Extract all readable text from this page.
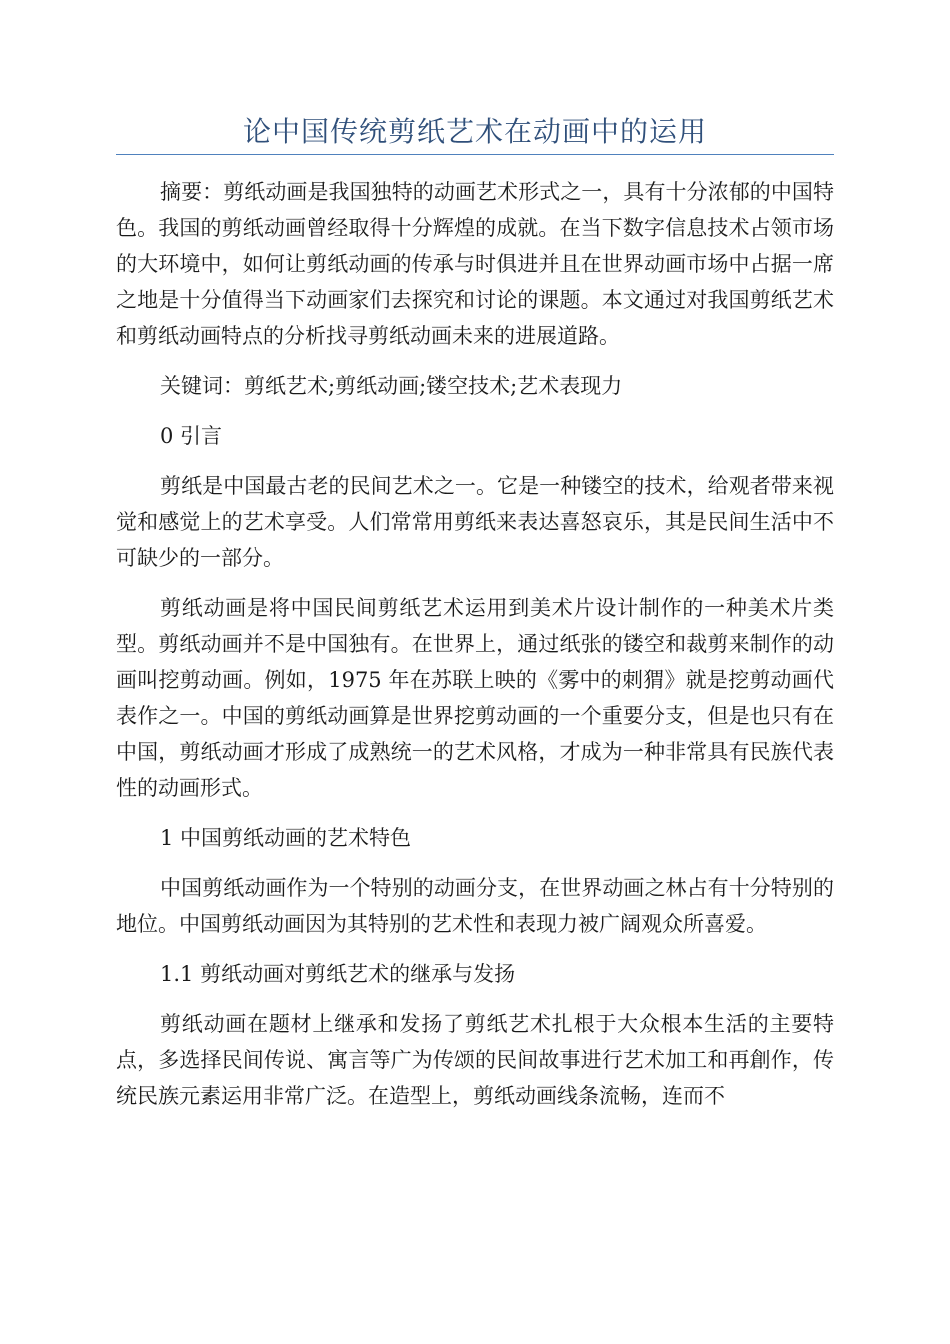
论中国传统剪纸艺术在动画中的运用

摘要：剪纸动画是我国独特的动画艺术形式之一，具有十分浓郁的中国特色。我国的剪纸动画曾经取得十分辉煌的成就。在当下数字信息技术占领市场的大环境中，如何让剪纸动画的传承与时俱进并且在世界动画市场中占据一席之地是十分值得当下动画家们去探究和讨论的课题。本文通过对我国剪纸艺术和剪纸动画特点的分析找寻剪纸动画未来的进展道路。

关键词：剪纸艺术;剪纸动画;镂空技术;艺术表现力

0 引言

剪纸是中国最古老的民间艺术之一。它是一种镂空的技术，给观者带来视觉和感觉上的艺术享受。人们常常用剪纸来表达喜怒哀乐，其是民间生活中不可缺少的一部分。

剪纸动画是将中国民间剪纸艺术运用到美术片设计制作的一种美术片类型。剪纸动画并不是中国独有。在世界上，通过纸张的镂空和裁剪来制作的动画叫挖剪动画。例如，1975 年在苏联上映的《雾中的刺猬》就是挖剪动画代表作之一。中国的剪纸动画算是世界挖剪动画的一个重要分支，但是也只有在中国，剪纸动画才形成了成熟统一的艺术风格，才成为一种非常具有民族代表性的动画形式。

1 中国剪纸动画的艺术特色

中国剪纸动画作为一个特别的动画分支，在世界动画之林占有十分特别的地位。中国剪纸动画因为其特别的艺术性和表现力被广阔观众所喜爱。

1.1 剪纸动画对剪纸艺术的继承与发扬

剪纸动画在题材上继承和发扬了剪纸艺术扎根于大众根本生活的主要特点，多选择民间传说、寓言等广为传颂的民间故事进行艺术加工和再創作，传统民族元素运用非常广泛。在造型上，剪纸动画线条流畅，连而不
